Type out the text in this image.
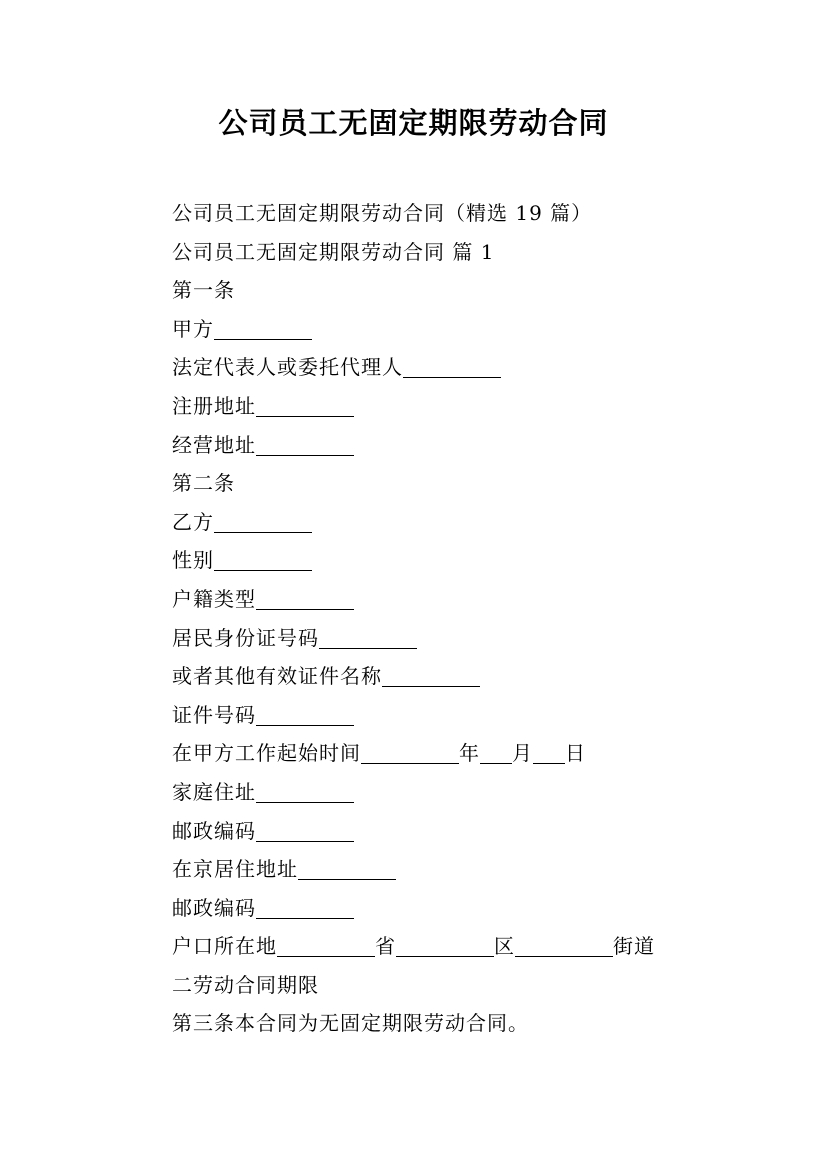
公司员工无固定期限劳动合同
公司员工无固定期限劳动合同（精选 19 篇）
公司员工无固定期限劳动合同 篇 1
第一条
甲方
法定代表人或委托代理人
注册地址
经营地址
第二条
乙方
性别
户籍类型
居民身份证号码
或者其他有效证件名称
证件号码
在甲方工作起始时间	年 月 日
家庭住址
邮政编码
在京居住地址
邮政编码
户口所在地	省	区	街道
二劳动合同期限
第三条本合同为无固定期限劳动合同。
